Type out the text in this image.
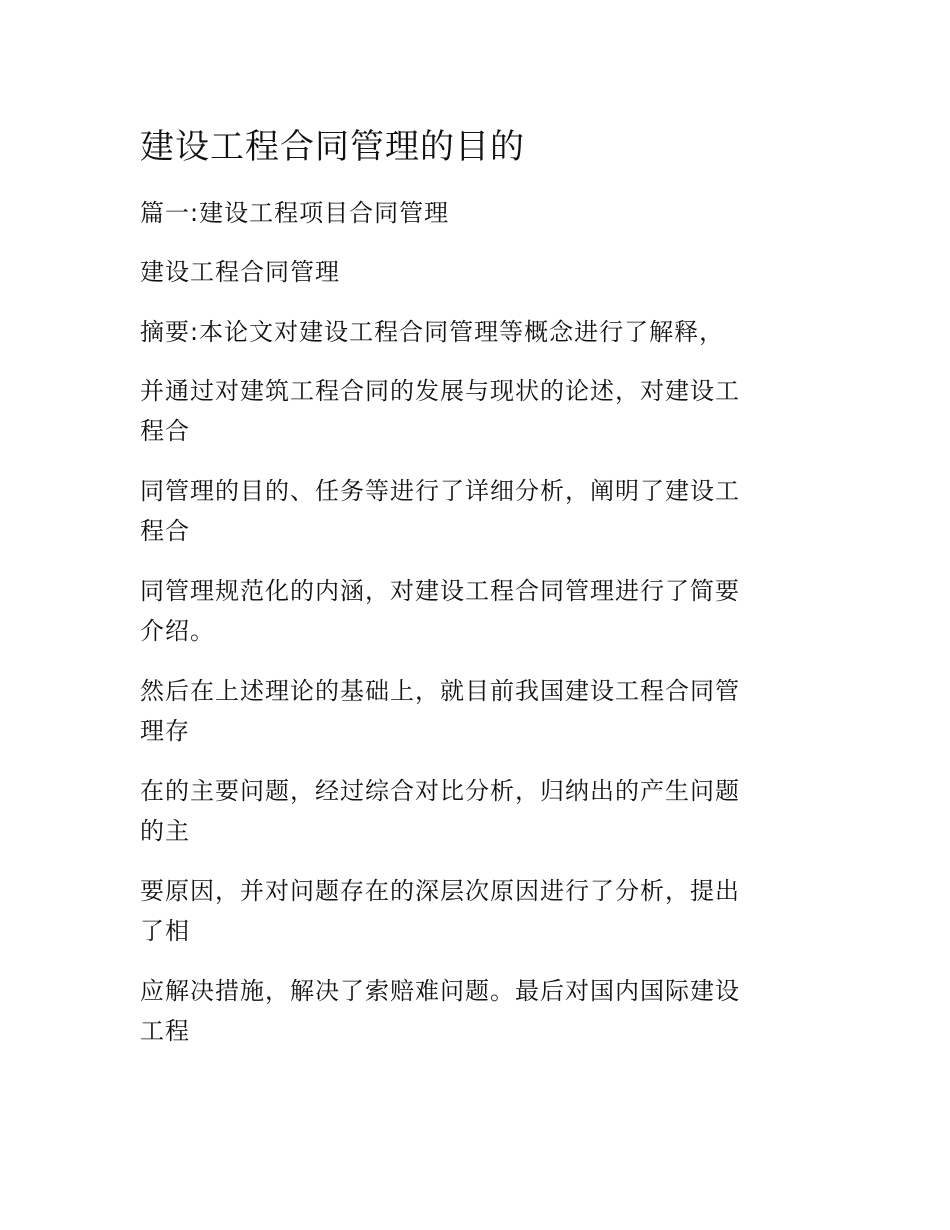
建设工程合同管理的目的

篇一:建设工程项目合同管理

建设工程合同管理

摘要:本论文对建设工程合同管理等概念进行了解释，

并通过对建筑工程合同的发展与现状的论述，对建设工
程合

同管理的目的、任务等进行了详细分析，阐明了建设工
程合

同管理规范化的内涵，对建设工程合同管理进行了简要
介绍。

然后在上述理论的基础上，就目前我国建设工程合同管
理存

在的主要问题，经过综合对比分析，归纳出的产生问题
的主

要原因，并对问题存在的深层次原因进行了分析，提出
了相

应解决措施，解决了索赔难问题。最后对国内国际建设
工程
